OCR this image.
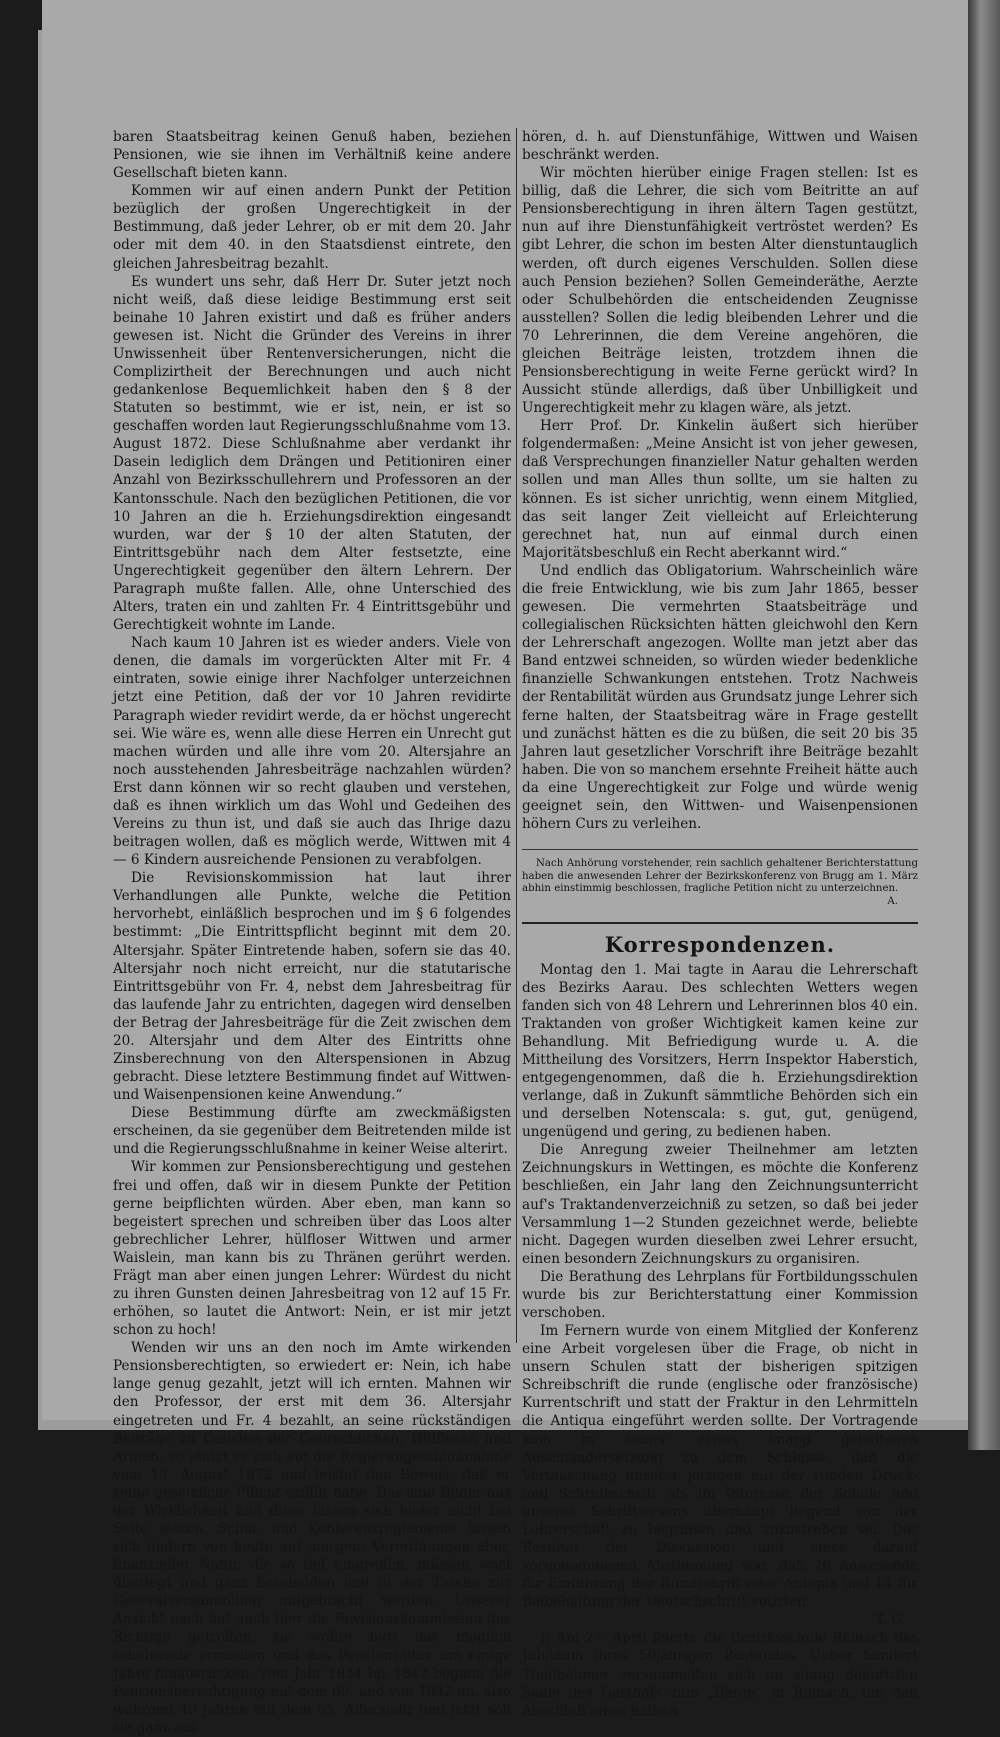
baren Staatsbeitrag keinen Genuß haben, beziehen Pensionen, wie sie ihnen im Verhältniß keine andere Gesellschaft bieten kann.

Kommen wir auf einen andern Punkt der Petition bezüglich der großen Ungerechtigkeit in der Bestimmung, daß jeder Lehrer, ob er mit dem 20. Jahr oder mit dem 40. in den Staatsdienst eintrete, den gleichen Jahresbeitrag bezahlt.

Es wundert uns sehr, daß Herr Dr. Suter jetzt noch nicht weiß, daß diese leidige Bestimmung erst seit beinahe 10 Jahren existirt und daß es früher anders gewesen ist. Nicht die Gründer des Vereins in ihrer Unwissenheit über Rentenversicherungen, nicht die Complizirtheit der Berechnungen und auch nicht gedankenlose Bequemlichkeit haben den § 8 der Statuten so bestimmt, wie er ist, nein, er ist so geschaffen worden laut Regierungsschlußnahme vom 13. August 1872. Diese Schlußnahme aber verdankt ihr Dasein lediglich dem Drängen und Petitioniren einer Anzahl von Bezirksschullehrern und Professoren an der Kantonsschule. Nach den bezüglichen Petitionen, die vor 10 Jahren an die h. Erziehungsdirektion eingesandt wurden, war der § 10 der alten Statuten, der Eintrittsgebühr nach dem Alter festsetzte, eine Ungerechtigkeit gegenüber den ältern Lehrern. Der Paragraph mußte fallen. Alle, ohne Unterschied des Alters, traten ein und zahlten Fr. 4 Eintrittsgebühr und Gerechtigkeit wohnte im Lande.

Nach kaum 10 Jahren ist es wieder anders. Viele von denen, die damals im vorgerückten Alter mit Fr. 4 eintraten, sowie einige ihrer Nachfolger unterzeichnen jetzt eine Petition, daß der vor 10 Jahren revidirte Paragraph wieder revidirt werde, da er höchst ungerecht sei. Wie wäre es, wenn alle diese Herren ein Unrecht gut machen würden und alle ihre vom 20. Altersjahre an noch ausstehenden Jahresbeiträge nachzahlen würden? Erst dann können wir so recht glauben und verstehen, daß es ihnen wirklich um das Wohl und Gedeihen des Vereins zu thun ist, und daß sie auch das Ihrige dazu beitragen wollen, daß es möglich werde, Wittwen mit 4 — 6 Kindern ausreichende Pensionen zu verabfolgen.

Die Revisionskommission hat laut ihrer Verhandlungen alle Punkte, welche die Petition hervorhebt, einläßlich besprochen und im § 6 folgendes bestimmt: „Die Eintrittspflicht beginnt mit dem 20. Altersjahr. Später Eintretende haben, sofern sie das 40. Altersjahr noch nicht erreicht, nur die statutarische Eintrittsgebühr von Fr. 4, nebst dem Jahresbeitrag für das laufende Jahr zu entrichten, dagegen wird denselben der Betrag der Jahresbeiträge für die Zeit zwischen dem 20. Altersjahr und dem Alter des Eintritts ohne Zinsberechnung von den Alterspensionen in Abzug gebracht. Diese letztere Bestimmung findet auf Wittwen- und Waisenpensionen keine Anwendung.“

Diese Bestimmung dürfte am zweckmäßigsten erscheinen, da sie gegenüber dem Beitretenden milde ist und die Regierungsschlußnahme in keiner Weise alterirt.

Wir kommen zur Pensionsberechtigung und gestehen frei und offen, daß wir in diesem Punkte der Petition gerne beipflichten würden. Aber eben, man kann so begeistert sprechen und schreiben über das Loos alter gebrechlicher Lehrer, hülfloser Wittwen und armer Waislein, man kann bis zu Thränen gerührt werden. Frägt man aber einen jungen Lehrer: Würdest du nicht zu ihren Gunsten deinen Jahresbeitrag von 12 auf 15 Fr. erhöhen, so lautet die Antwort: Nein, er ist mir jetzt schon zu hoch!

Wenden wir uns an den noch im Amte wirkenden Pensionsberechtigten, so erwiedert er: Nein, ich habe lange genug gezahlt, jetzt will ich ernten. Mahnen wir den Professor, der erst mit dem 36. Altersjahr eingetreten und Fr. 4 bezahlt, an seine rückständigen Beiträge zu Gunsten der Gebrechlichen, Hülflosen und Armen, so stützt er sich auf die Regierungsschlußnahme vom 13. August 1872 und leistet den Beweis, daß er seine gesetzliche Pflicht erfüllt habe. Das sind Bilder aus der Wirklichkeit und diese lassen sich leider nicht bei Seite setzen. Schul- und Konferenzreglemente lassen sich ändern von heute auf morgen; Verordnungen aber, finanzieller Natur, die so tief eingreifen, müssen wohl überlegt und ganz bescheiden und in der Tasche zur Generalversammlung mitgebracht werden. Unserer Ansicht nach hat auch hier die Revisionskommission das Richtige getroffen, sie wollte blos das möglich scheinende erreichen und das Pensionsalter um einige Jahre hinausrücken. Vom Jahr 1824 bis 1842 begann die Pensionsberechtigung mit dem 60. und von 1842 an, also während 40 Jahren mit dem 55. Altersjahr und jetzt soll sie ganz auf-

hören, d. h. auf Dienstunfähige, Wittwen und Waisen beschränkt werden.

Wir möchten hierüber einige Fragen stellen: Ist es billig, daß die Lehrer, die sich vom Beitritte an auf Pensionsberechtigung in ihren ältern Tagen gestützt, nun auf ihre Dienstunfähigkeit vertröstet werden? Es gibt Lehrer, die schon im besten Alter dienstuntauglich werden, oft durch eigenes Verschulden. Sollen diese auch Pension beziehen? Sollen Gemeinderäthe, Aerzte oder Schulbehörden die entscheidenden Zeugnisse ausstellen? Sollen die ledig bleibenden Lehrer und die 70 Lehrerinnen, die dem Vereine angehören, die gleichen Beiträge leisten, trotzdem ihnen die Pensionsberechtigung in weite Ferne gerückt wird? In Aussicht stünde allerdigs, daß über Unbilligkeit und Ungerechtigkeit mehr zu klagen wäre, als jetzt.

Herr Prof. Dr. Kinkelin äußert sich hierüber folgendermaßen: „Meine Ansicht ist von jeher gewesen, daß Versprechungen finanzieller Natur gehalten werden sollen und man Alles thun sollte, um sie halten zu können. Es ist sicher unrichtig, wenn einem Mitglied, das seit langer Zeit vielleicht auf Erleichterung gerechnet hat, nun auf einmal durch einen Majoritätsbeschluß ein Recht aberkannt wird.“

Und endlich das Obligatorium. Wahrscheinlich wäre die freie Entwicklung, wie bis zum Jahr 1865, besser gewesen. Die vermehrten Staatsbeiträge und collegialischen Rücksichten hätten gleichwohl den Kern der Lehrerschaft angezogen. Wollte man jetzt aber das Band entzwei schneiden, so würden wieder bedenkliche finanzielle Schwankungen entstehen. Trotz Nachweis der Rentabilität würden aus Grundsatz junge Lehrer sich ferne halten, der Staatsbeitrag wäre in Frage gestellt und zunächst hätten es die zu büßen, die seit 20 bis 35 Jahren laut gesetzlicher Vorschrift ihre Beiträge bezahlt haben. Die von so manchem ersehnte Freiheit hätte auch da eine Ungerechtigkeit zur Folge und würde wenig geeignet sein, den Wittwen- und Waisenpensionen höhern Curs zu verleihen.

Nach Anhörung vorstehender, rein sachlich gehaltener Berichterstattung haben die anwesenden Lehrer der Bezirkskonferenz von Brugg am 1. März abhin einstimmig beschlossen, fragliche Petition nicht zu unterzeichnen.
A.
Korrespondenzen.

Montag den 1. Mai tagte in Aarau die Lehrerschaft des Bezirks Aarau. Des schlechten Wetters wegen fanden sich von 48 Lehrern und Lehrerinnen blos 40 ein. Traktanden von großer Wichtigkeit kamen keine zur Behandlung. Mit Befriedigung wurde u. A. die Mittheilung des Vorsitzers, Herrn Inspektor Haberstich, entgegengenommen, daß die h. Erziehungsdirektion verlange, daß in Zukunft sämmtliche Behörden sich ein und derselben Notenscala: s. gut, gut, genügend, ungenügend und gering, zu bedienen haben.

Die Anregung zweier Theilnehmer am letzten Zeichnungskurs in Wettingen, es möchte die Konferenz beschließen, ein Jahr lang den Zeichnungsunterricht auf's Traktandenverzeichniß zu setzen, so daß bei jeder Versammlung 1—2 Stunden gezeichnet werde, beliebte nicht. Dagegen wurden dieselben zwei Lehrer ersucht, einen besondern Zeichnungskurs zu organisiren.

Die Berathung des Lehrplans für Fortbildungsschulen wurde bis zur Berichterstattung einer Kommission verschoben.

Im Fernern wurde von einem Mitglied der Konferenz eine Arbeit vorgelesen über die Frage, ob nicht in unsern Schulen statt der bisherigen spitzigen Schreibschrift die runde (englische oder französische) Kurrentschrift und statt der Fraktur in den Lehrmitteln die Antiqua eingeführt werden sollte. Der Vortragende kam in seiner etwas knapp gehaltenen Auseinandersetzung zu dem Schlusse, daß die Vertauschung unserer jetzigen mit der runden Druck- und Schreibschrift als im Interesse der Schule und unseres Schriftwesens überhaupt liegend von der Lehrerschaft zu begrüßen und anzustreben sei. Das Resultat der Diskussion und einer darauf vorgenommenen Abstimmung war, daß 26 Anwesende für Einführung der Rundschrift oder Antiqua und 14 für Beibehaltung der Deutschschrift votirten.

T. G.

)( Am 27. April feierte die Bezirksschule Reinach das Jubiläum ihres 50jährigen Bestandes. Ueber hundert Theilnehmer versammelten sich im sinnig dekorirten Saale des Gasthofs zum „Bären“ in Reinach, um den Abschluß eines halben
